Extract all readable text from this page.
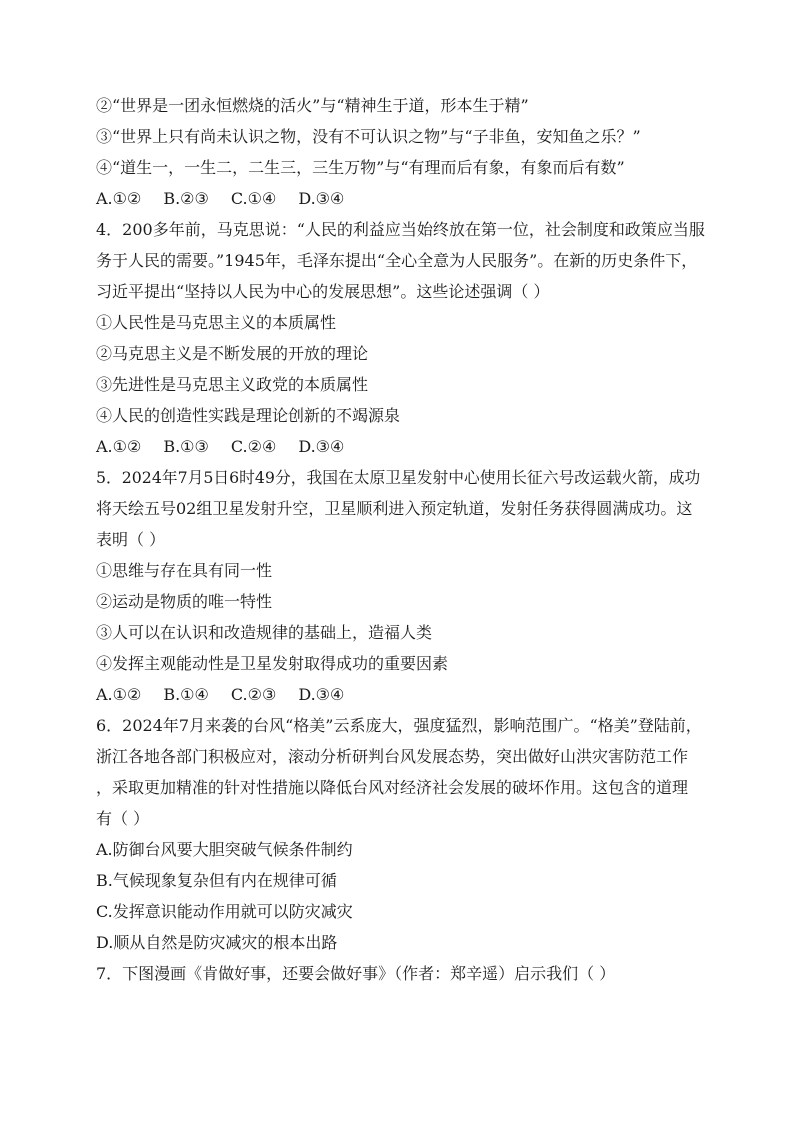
②“世界是一团永恒燃烧的活火”与“精神生于道，形本生于精”
③“世界上只有尚未认识之物，没有不可认识之物”与“子非鱼，安知鱼之乐？”
④“道生一，一生二，二生三，三生万物”与“有理而后有象，有象而后有数”
A.①② B.②③ C.①④ D.③④
4．200多年前，马克思说：“人民的利益应当始终放在第一位，社会制度和政策应当服
务于人民的需要。”1945年，毛泽东提出“全心全意为人民服务”。在新的历史条件下，
习近平提出“坚持以人民为中心的发展思想”。这些论述强调（ ）
①人民性是马克思主义的本质属性
②马克思主义是不断发展的开放的理论
③先进性是马克思主义政党的本质属性
④人民的创造性实践是理论创新的不竭源泉
A.①② B.①③ C.②④ D.③④
5．2024年7月5日6时49分，我国在太原卫星发射中心使用长征六号改运载火箭，成功
将天绘五号02组卫星发射升空，卫星顺利进入预定轨道，发射任务获得圆满成功。这
表明（ ）
①思维与存在具有同一性
②运动是物质的唯一特性
③人可以在认识和改造规律的基础上，造福人类
④发挥主观能动性是卫星发射取得成功的重要因素
A.①② B.①④ C.②③ D.③④
6．2024年7月来袭的台风“格美”云系庞大，强度猛烈，影响范围广。“格美”登陆前，
浙江各地各部门积极应对，滚动分析研判台风发展态势，突出做好山洪灾害防范工作
，采取更加精准的针对性措施以降低台风对经济社会发展的破坏作用。这包含的道理
有（ ）
A.防御台风要大胆突破气候条件制约
B.气候现象复杂但有内在规律可循
C.发挥意识能动作用就可以防灾减灾
D.顺从自然是防灾减灾的根本出路
7．下图漫画《肯做好事，还要会做好事》（作者：郑辛遥）启示我们（ ）
